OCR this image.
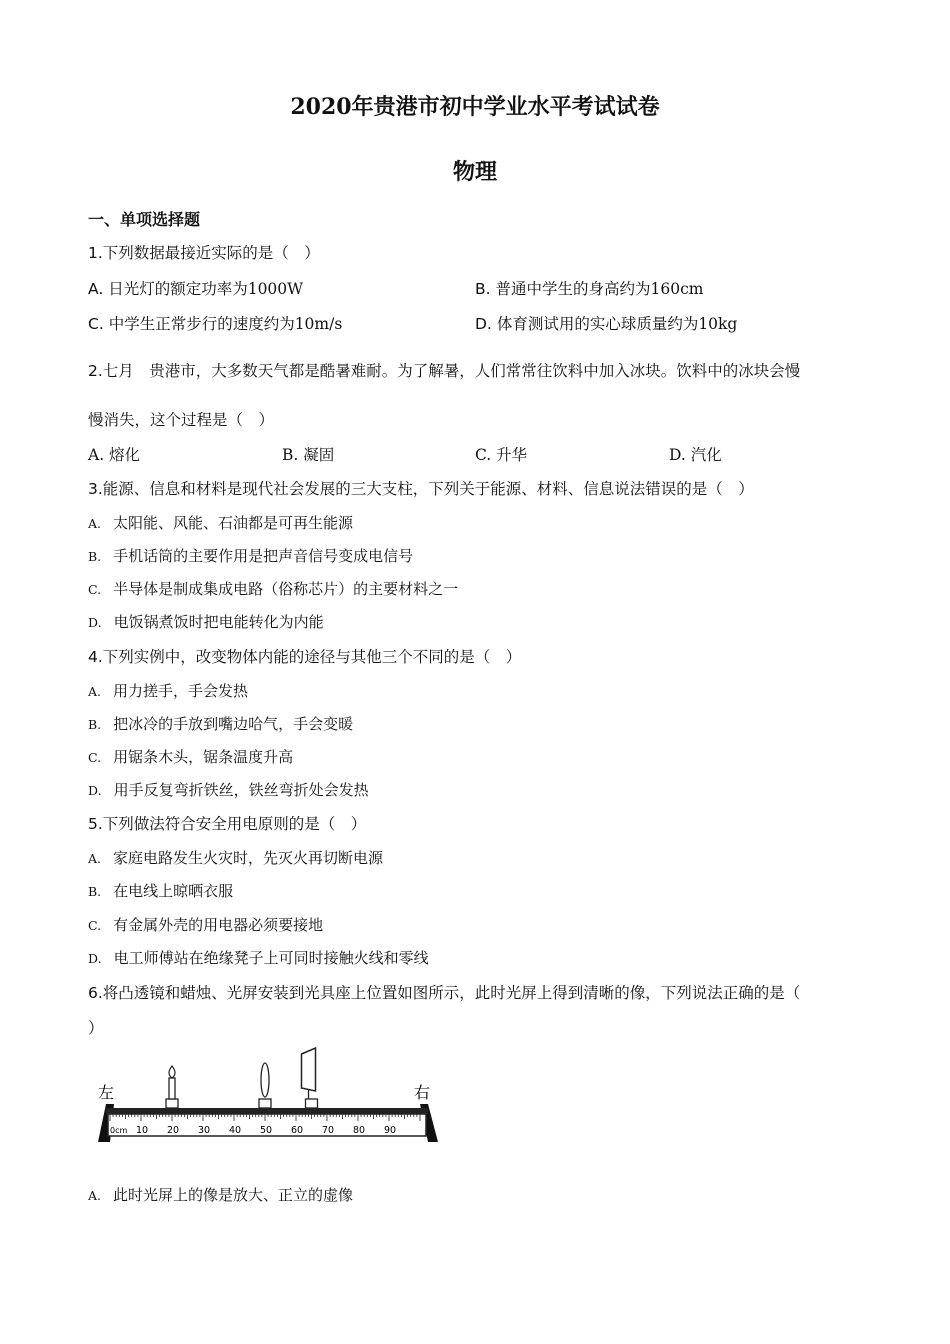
2020年贵港市初中学业水平考试试卷
物理
一、单项选择题
1.下列数据最接近实际的是（　）
A. 日光灯的额定功率为1000W	B. 普通中学生的身高约为160cm
C. 中学生正常步行的速度约为10m/s	D. 体育测试用的实心球质量约为10kg
2.七月　贵港市，大多数天气都是酷暑难耐。为了解暑，人们常常往饮料中加入冰块。饮料中的冰块会慢
慢消失，这个过程是（　）
A. 熔化	B. 凝固	C. 升华	D. 汽化
3.能源、信息和材料是现代社会发展的三大支柱，下列关于能源、材料、信息说法错误的是（　）
A. 太阳能、风能、石油都是可再生能源
B. 手机话筒的主要作用是把声音信号变成电信号
C. 半导体是制成集成电路（俗称芯片）的主要材料之一
D. 电饭锅煮饭时把电能转化为内能
4.下列实例中，改变物体内能的途径与其他三个不同的是（　）
A. 用力搓手，手会发热
B. 把冰冷的手放到嘴边哈气，手会变暖
C. 用锯条木头，锯条温度升高
D. 用手反复弯折铁丝，铁丝弯折处会发热
5.下列做法符合安全用电原则的是（　）
A. 家庭电路发生火灾时，先灭火再切断电源
B. 在电线上晾晒衣服
C. 有金属外壳的用电器必须要接地
D. 电工师傅站在绝缘凳子上可同时接触火线和零线
6.将凸透镜和蜡烛、光屏安装到光具座上位置如图所示，此时光屏上得到清晰的像，下列说法正确的是（
）
左	右
0cm 10 20 30 40 50 60 70 80 90
A. 此时光屏上的像是放大、正立的虚像
